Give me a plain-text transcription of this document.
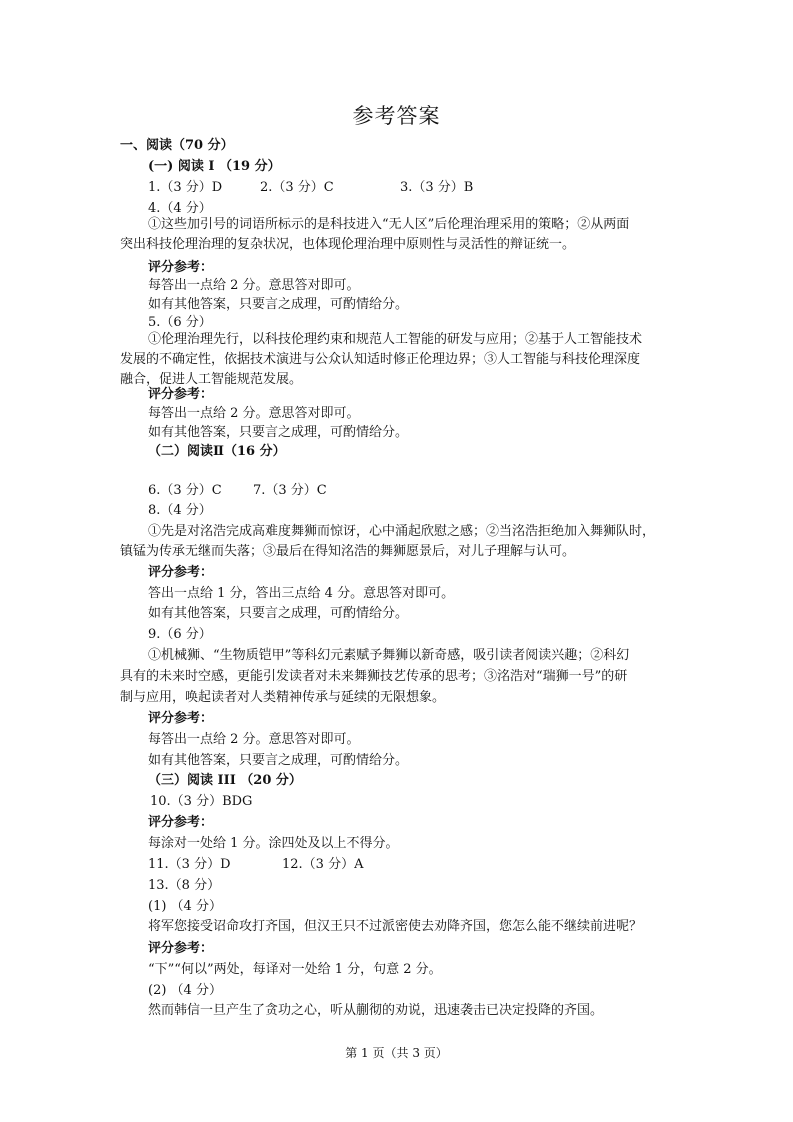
参考答案
一、阅读（70 分）
(一) 阅读 I （19 分）
1.（3 分）D	2.（3 分）C	3.（3 分）B
4.（4 分）
①这些加引号的词语所标示的是科技进入“无人区”后伦理治理采用的策略；②从两面
突出科技伦理治理的复杂状况，也体现伦理治理中原则性与灵活性的辩证统一。
评分参考：
每答出一点给 2 分。意思答对即可。
如有其他答案，只要言之成理，可酌情给分。
5.（6 分）
①伦理治理先行，以科技伦理约束和规范人工智能的研发与应用；②基于人工智能技术
发展的不确定性，依据技术演进与公众认知适时修正伦理边界；③人工智能与科技伦理深度
融合，促进人工智能规范发展。
评分参考：
每答出一点给 2 分。意思答对即可。
如有其他答案，只要言之成理，可酌情给分。
（二）阅读Ⅱ（16 分）
6.（3 分）C 7.（3 分）C
8.（4 分）
①先是对洺浩完成高难度舞狮而惊讶，心中涌起欣慰之感；②当洺浩拒绝加入舞狮队时，
镇锰为传承无继而失落；③最后在得知洺浩的舞狮愿景后，对儿子理解与认可。
评分参考：
答出一点给 1 分，答出三点给 4 分。意思答对即可。
如有其他答案，只要言之成理，可酌情给分。
9.（6 分）
①机械狮、“生物质铠甲”等科幻元素赋予舞狮以新奇感，吸引读者阅读兴趣；②科幻
具有的未来时空感，更能引发读者对未来舞狮技艺传承的思考；③洺浩对“瑞狮一号”的研
制与应用，唤起读者对人类精神传承与延续的无限想象。
评分参考：
每答出一点给 2 分。意思答对即可。
如有其他答案，只要言之成理，可酌情给分。
（三）阅读 III （20 分）
10.（3 分）BDG
评分参考：
每涂对一处给 1 分。涂四处及以上不得分。
11.（3 分）D	12.（3 分）A
13.（8 分）
(1) （4 分）
将军您接受诏命攻打齐国，但汉王只不过派密使去劝降齐国，您怎么能不继续前进呢？
评分参考：
“下”“何以”两处，每译对一处给 1 分，句意 2 分。
(2) （4 分）
然而韩信一旦产生了贪功之心，听从蒯彻的劝说，迅速袭击已决定投降的齐国。
第 1 页（共 3 页）
